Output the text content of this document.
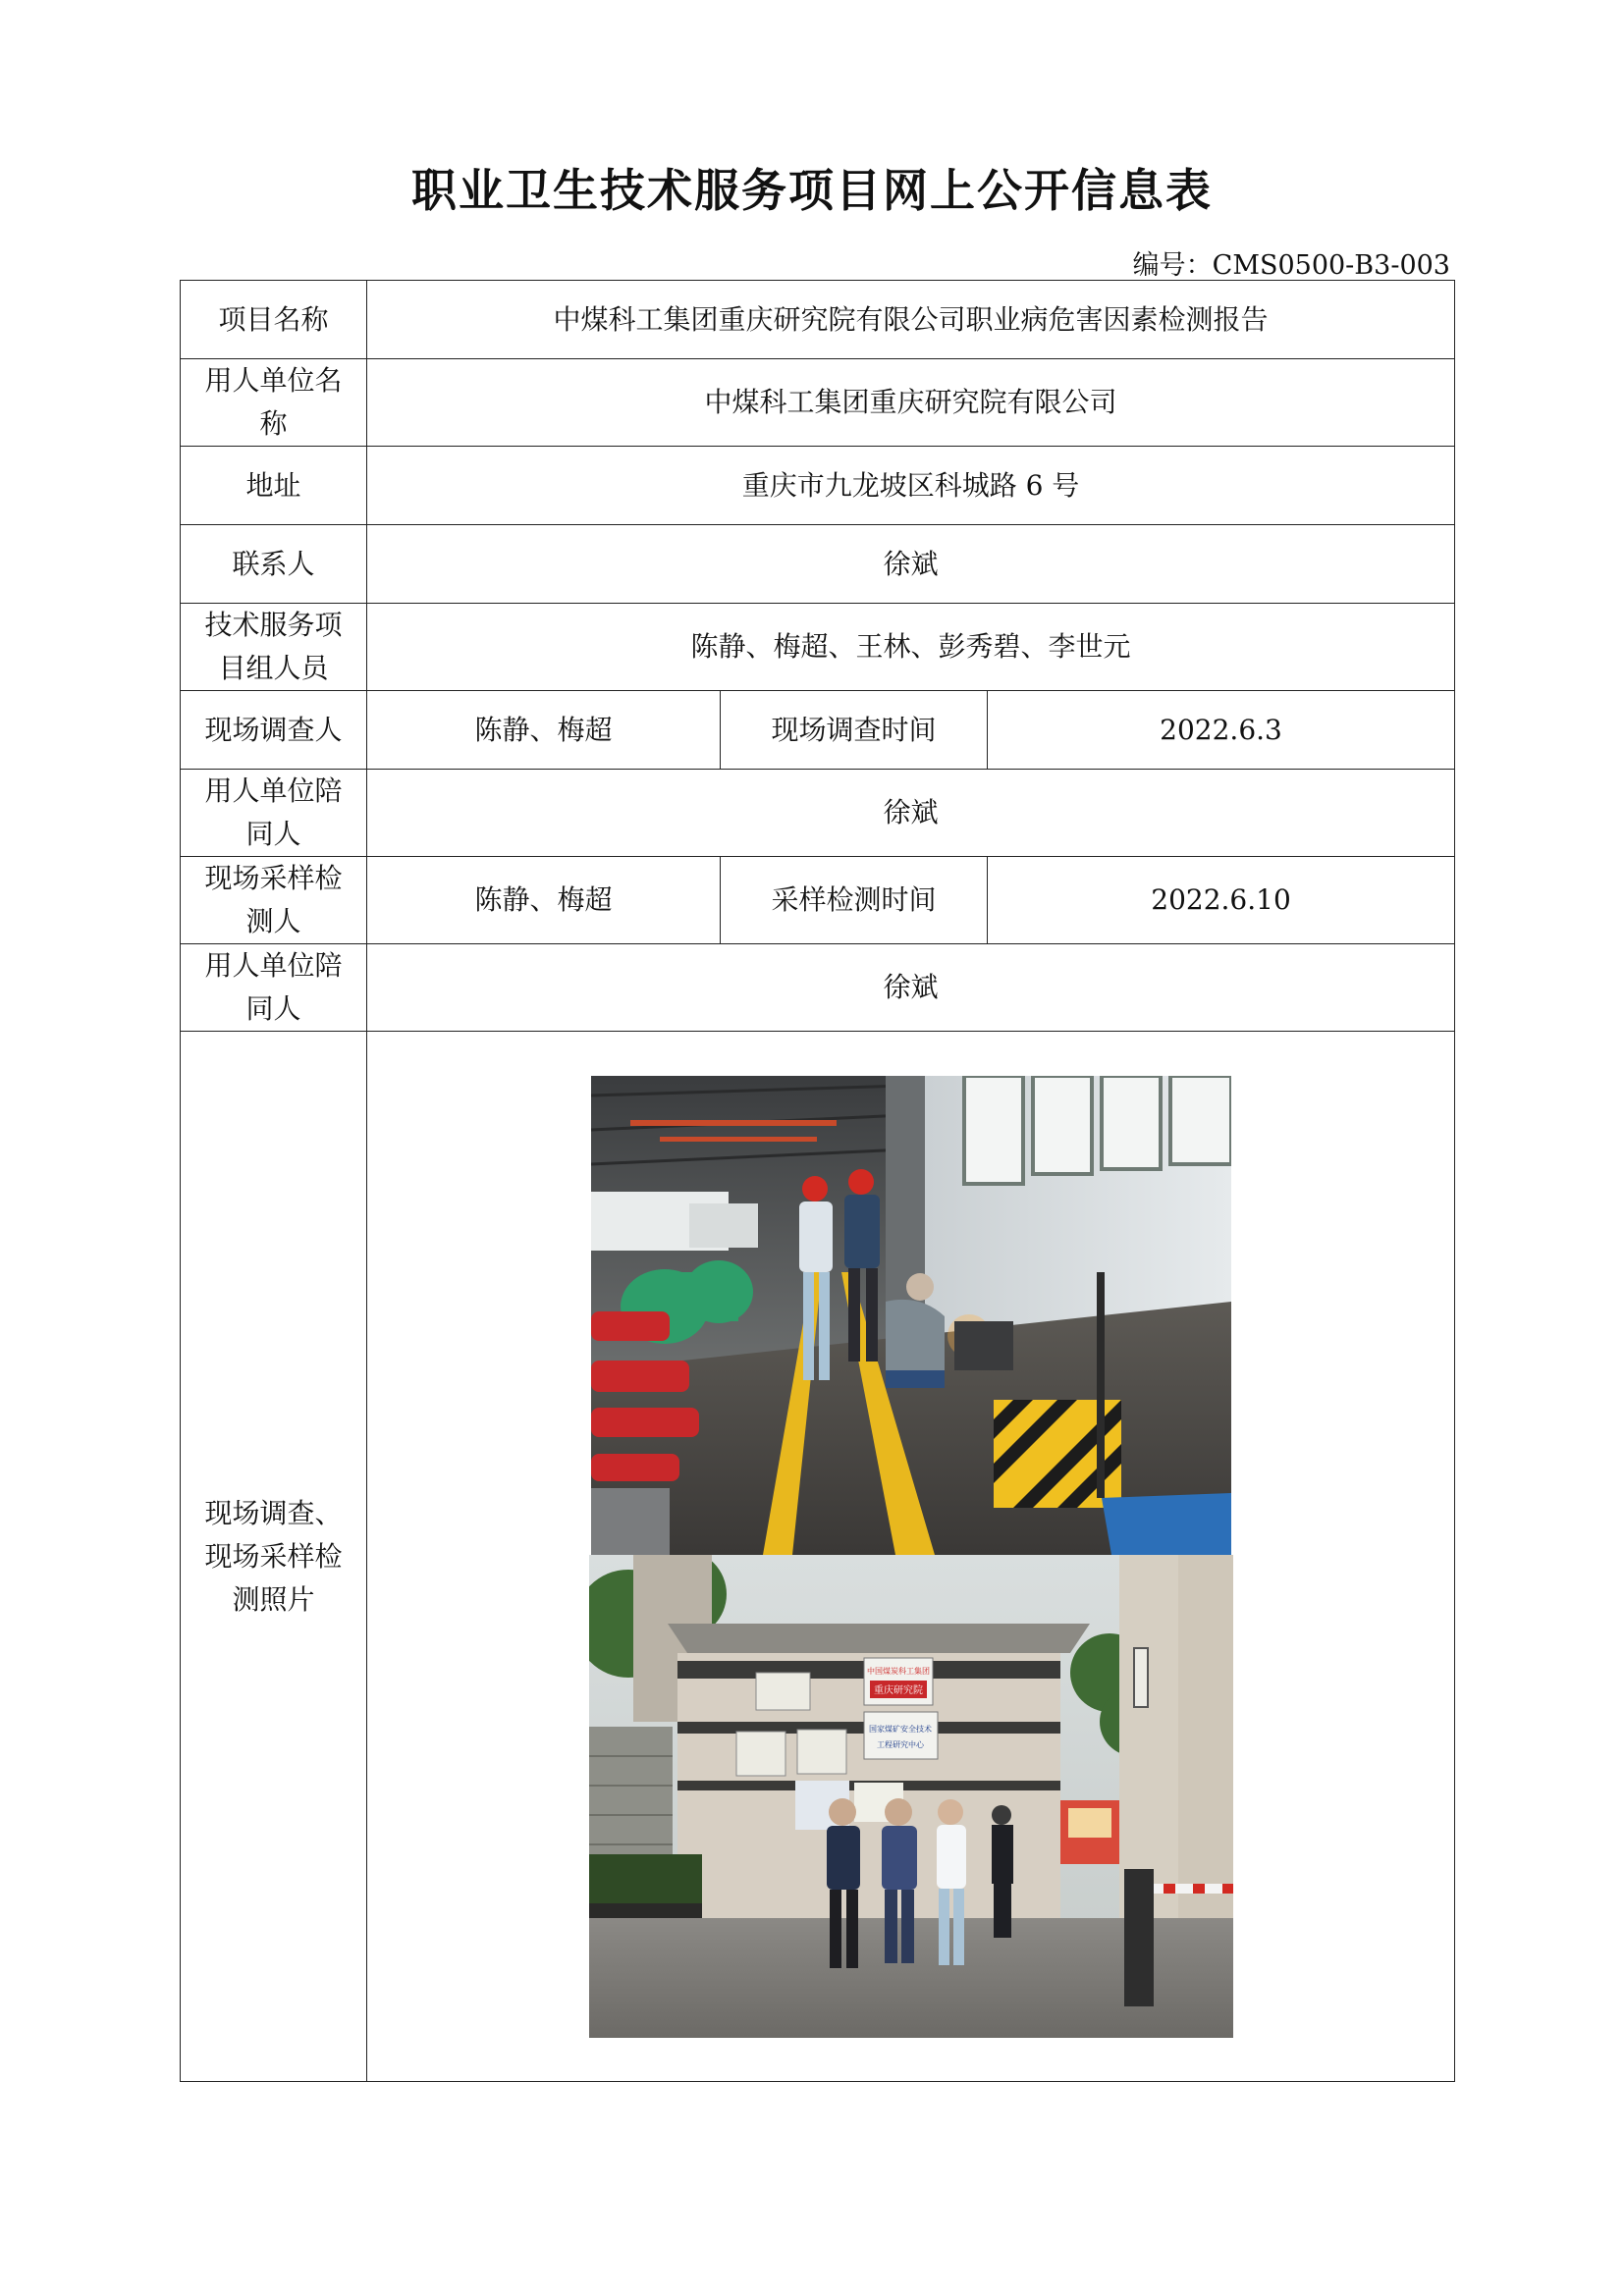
职业卫生技术服务项目网上公开信息表
编号：CMS0500-B3-003
项目名称	中煤科工集团重庆研究院有限公司职业病危害因素检测报告		
用人单位名称	中煤科工集团重庆研究院有限公司		
地址	重庆市九龙坡区科城路 6 号		
联系人	徐斌		
技术服务项目组人员	陈静、梅超、王林、彭秀碧、李世元		
现场调查人	陈静、梅超	现场调查时间	2022.6.3
用人单位陪同人	徐斌		
现场采样检测人	陈静、梅超	采样检测时间	2022.6.10
用人单位陪同人	徐斌		
现场调查、现场采样检测照片	中国煤炭科工集团
重庆研究院
国家煤矿安全技术
工程研究中心		
